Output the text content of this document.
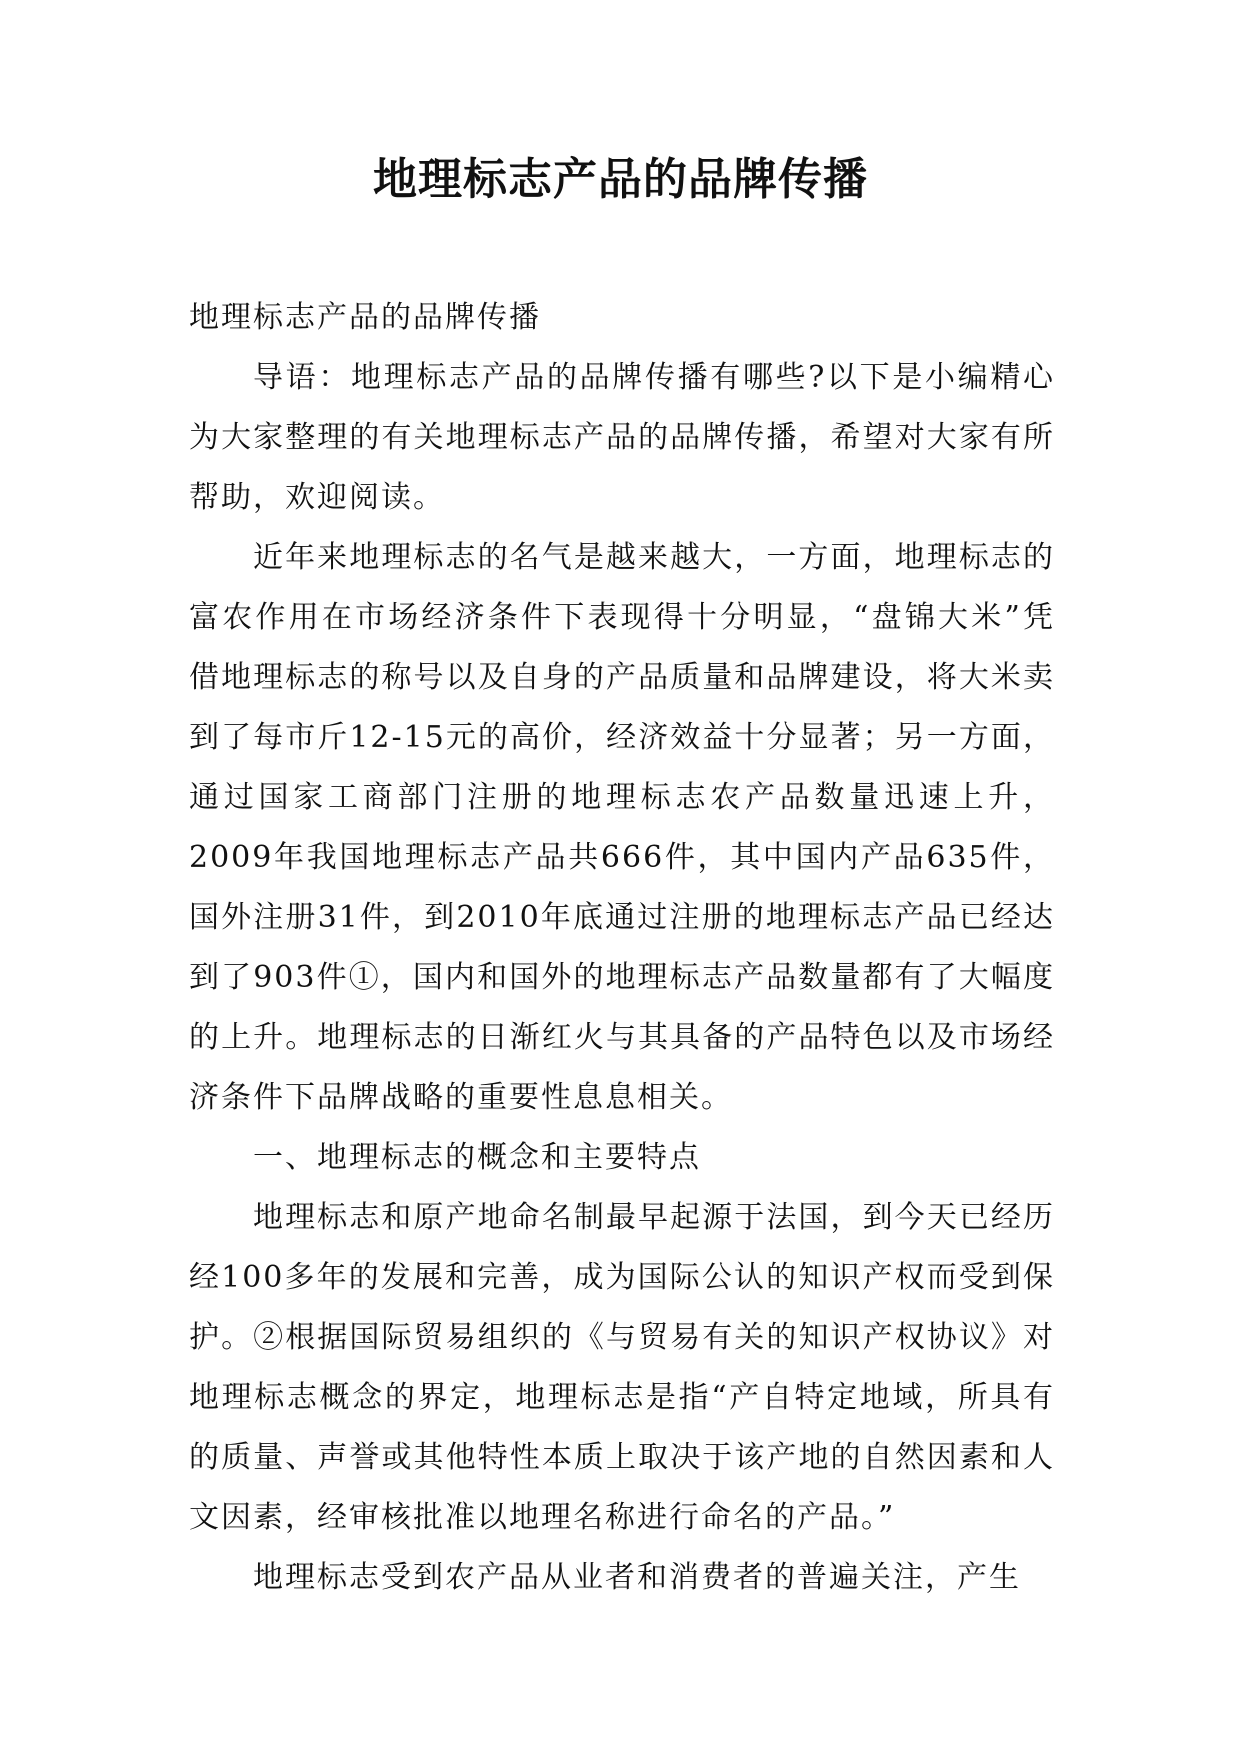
地理标志产品的品牌传播

地理标志产品的品牌传播

导语：地理标志产品的品牌传播有哪些?以下是小编精心为大家整理的有关地理标志产品的品牌传播，希望对大家有所帮助，欢迎阅读。

近年来地理标志的名气是越来越大，一方面，地理标志的富农作用在市场经济条件下表现得十分明显，“盘锦大米”凭借地理标志的称号以及自身的产品质量和品牌建设，将大米卖到了每市斤12-15元的高价，经济效益十分显著；另一方面，通过国家工商部门注册的地理标志农产品数量迅速上升，2009年我国地理标志产品共666件，其中国内产品635件，国外注册31件，到2010年底通过注册的地理标志产品已经达到了903件①，国内和国外的地理标志产品数量都有了大幅度的上升。地理标志的日渐红火与其具备的产品特色以及市场经济条件下品牌战略的重要性息息相关。

一、地理标志的概念和主要特点

地理标志和原产地命名制最早起源于法国，到今天已经历经100多年的发展和完善，成为国际公认的知识产权而受到保护。②根据国际贸易组织的《与贸易有关的知识产权协议》对地理标志概念的界定，地理标志是指“产自特定地域，所具有的质量、声誉或其他特性本质上取决于该产地的自然因素和人文因素，经审核批准以地理名称进行命名的产品。”

地理标志受到农产品从业者和消费者的普遍关注，产生
